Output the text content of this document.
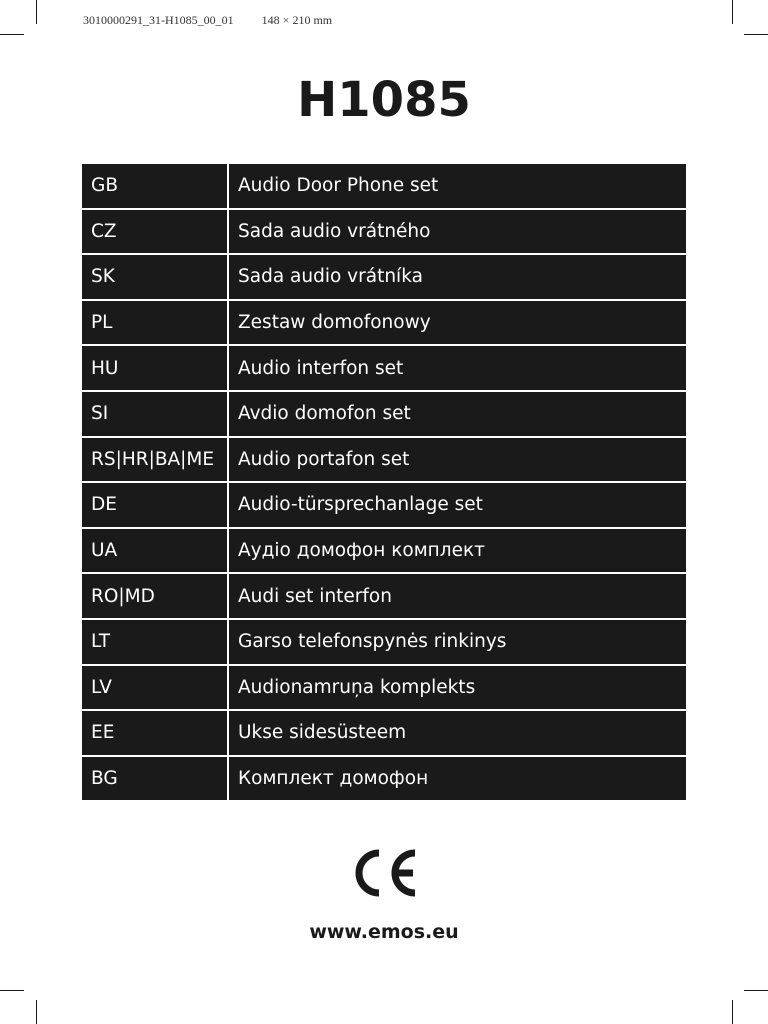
3010000291_31-H1085_00_01 148 × 210 mm
H1085
GB	Audio Door Phone set
CZ	Sada audio vrátného
SK	Sada audio vrátníka
PL	Zestaw domofonowy
HU	Audio interfon set
SI	Avdio domofon set
RS|HR|BA|ME	Audio portafon set
DE	Audio-türsprechanlage set
UA	Аудіо домофон комплект
RO|MD	Audi set interfon
LT	Garso telefonspynės rinkinys
LV	Audionamruņa komplekts
EE	Ukse sidesüsteem
BG	Комплект домофон
www.emos.eu
